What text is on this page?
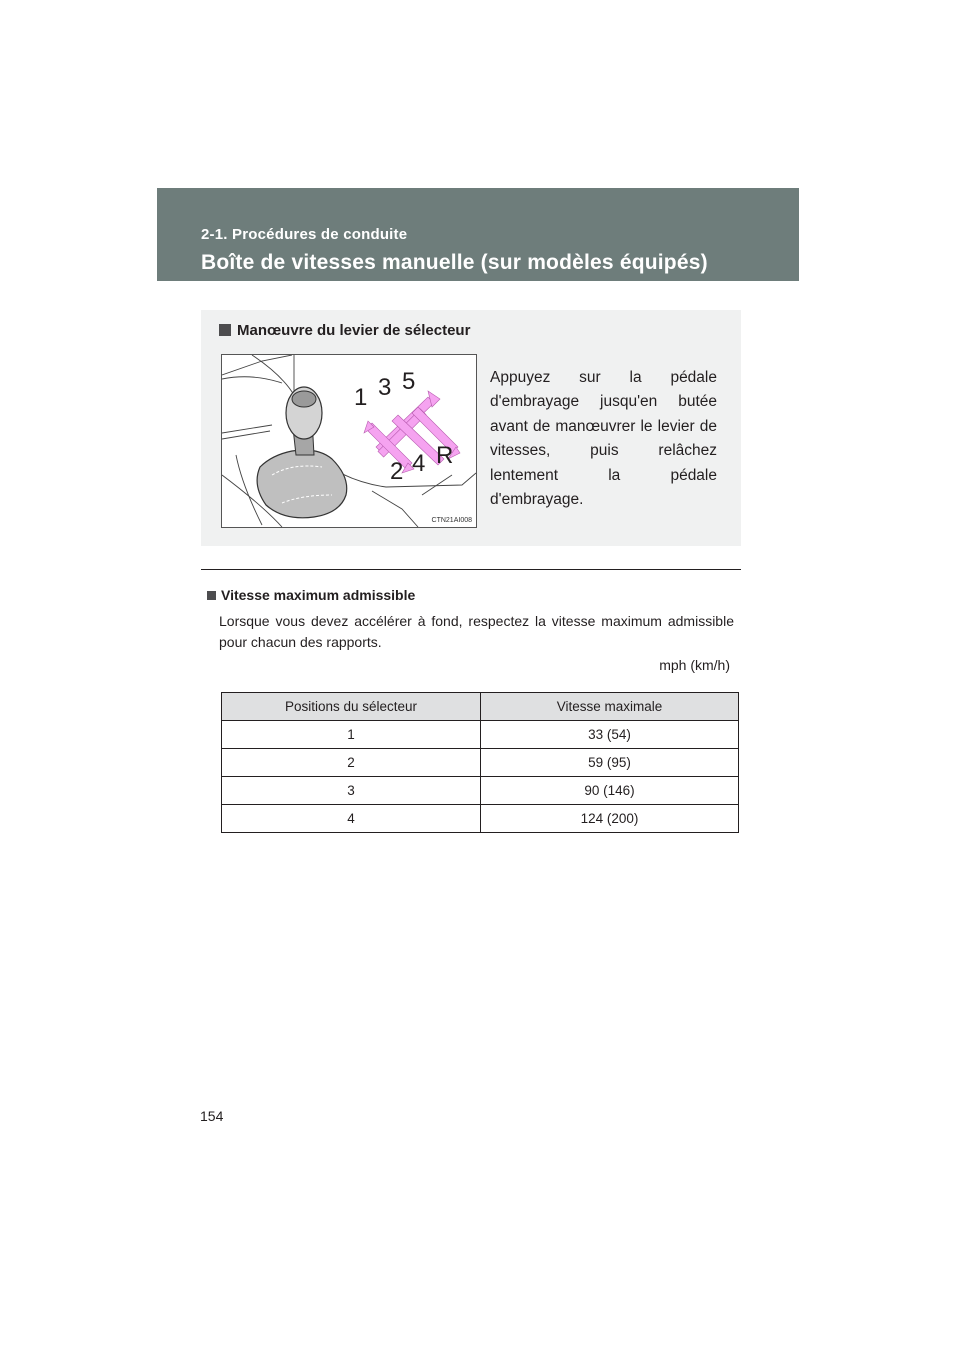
2-1. Procédures de conduite
Boîte de vitesses manuelle (sur modèles équipés)
Manœuvre du levier de sélecteur
1 3 5
2 4 R
CTN21AI008
Appuyez sur la pédale d'embrayage jusqu'en butée avant de manœuvrer le levier de vitesses, puis relâchez lentement la pédale d'embrayage.
Vitesse maximum admissible
Lorsque vous devez accélérer à fond, respectez la vitesse maximum admissible pour chacun des rapports.
mph (km/h)
Positions du sélecteur	Vitesse maximale
1	33 (54)
2	59 (95)
3	90 (146)
4	124 (200)
154
